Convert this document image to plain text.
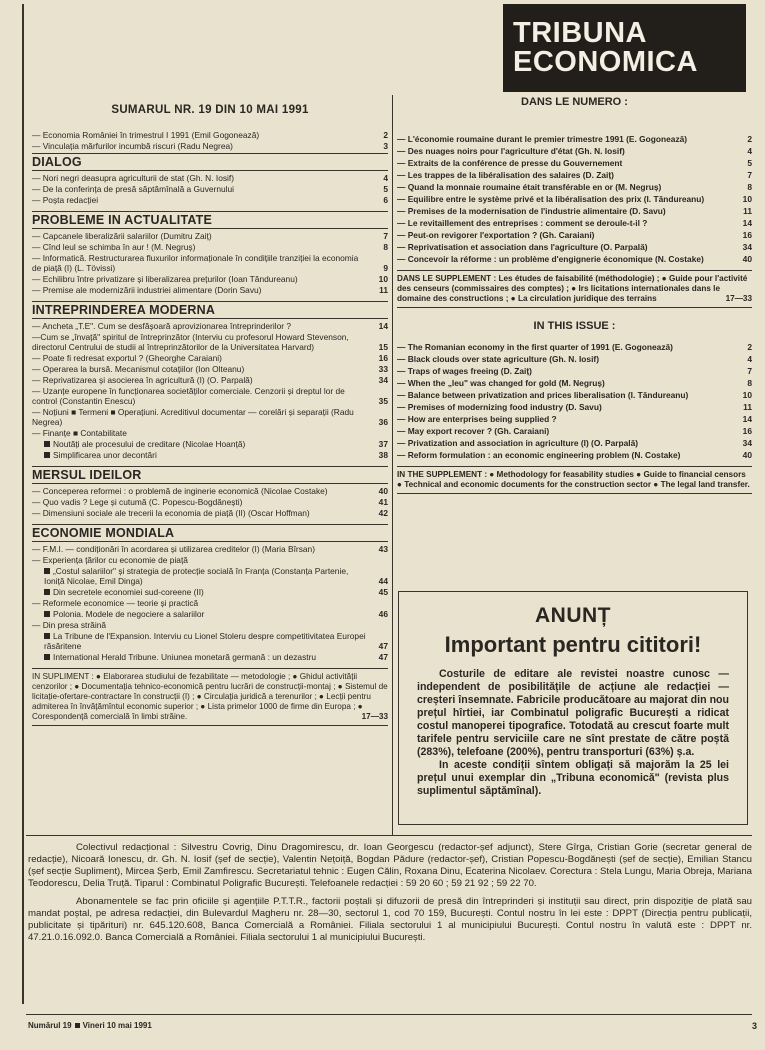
TRIBUNA
ECONOMICA
SUMARUL NR. 19 DIN 10 MAI 1991
— Economia României în trimestrul I 1991 (Emil Gogonează)	2
— Vinculația mărfurilor incumbă riscuri (Radu Negrea)	3
DIALOG
— Nori negri deasupra agriculturii de stat (Gh. N. Iosif)	4
— De la conferința de presă săptămînală a Guvernului	5
— Poșta redacției	6
PROBLEME IN ACTUALITATE
— Capcanele liberalizării salariilor (Dumitru Zaiț)	7
— Cînd leul se schimba în aur ! (M. Negruș)	8
— Informatică. Restructurarea fluxurilor informaționale în condițiile tranziției la economia de piață (I) (L. Tövissi)	9
— Echilibru între privatizare și liberalizarea prețurilor (Ioan Tăndureanu)	10
— Premise ale modernizării industriei alimentare (Dorin Savu)	11
INTREPRINDEREA MODERNA
— Ancheta „T.E". Cum se desfășoară aprovizionarea întreprinderilor ?	14
—Cum se „învață" spiritul de întreprinzător (Interviu cu profesorul Howard Stevenson, directorul Centrului de studii al întreprinzătorilor de la Universitatea Harvard)	15
— Poate fi redresat exportul ? (Gheorghe Caraiani)	16
— Operarea la bursă. Mecanismul cotațiilor (Ion Olteanu)	33
— Reprivatizarea și asocierea în agricultură (I) (O. Parpală)	34
— Uzanțe europene în funcționarea societăților comerciale. Cenzorii și dreptul lor de control (Constantin Enescu)	35
— Noțiuni ■ Termeni ■ Operațiuni. Acreditivul documentar — corelări și separații (Radu Negrea)	36
— Finanțe ■ Contabilitate
Noutăți ale procesului de creditare (Nicolae Hoanță)	37
Simplificarea unor decontări	38
MERSUL IDEILOR
— Conceperea reformei : o problemă de inginerie economică (Nicolae Costake)	40
— Quo vadis ? Lege și cutumă (C. Popescu-Bogdănești)	41
— Dimensiuni sociale ale trecerii la economia de piață (II) (Oscar Hoffman)	42
ECONOMIE MONDIALA
— F.M.I. — condiționări în acordarea și utilizarea creditelor (I) (Maria Bîrsan)	43
— Experiența țărilor cu economie de piață
„Costul salariilor" și strategia de protecție socială în Franța (Constanța Partenie, Ioniță Nicolae, Emil Dinga)	44
Din secretele economiei sud-coreene (II)	45
— Reformele economice — teorie și practică
Polonia. Modele de negociere a salariilor	46
— Din presa străină
La Tribune de l'Expansion. Interviu cu Lionel Stoleru despre competitivitatea Europei răsăritene	47
International Herald Tribune. Uniunea monetară germană : un dezastru	47
IN SUPLIMENT : ● Elaborarea studiului de fezabilitate — metodologie ; ● Ghidul activității cenzorilor ; ● Documentația tehnico-economică pentru lucrări de construcții-montaj ; ● Sistemul de licitație-ofertare-contractare în construcții (I) ; ● Circulația juridică a terenurilor ; ● Lecții pentru admiterea în învățămîntul economic superior ; ● Lista primelor 1000 de firme din Europa ; ● Corespondență comercială în limbi străine.	17—33
DANS LE NUMERO :
— L'économie roumaine durant le premier trimestre 1991 (E. Gogonează)	2
— Des nuages noirs pour l'agriculture d'état (Gh. N. Iosif)	4
— Extraits de la conférence de presse du Gouvernement	5
— Les trappes de la libéralisation des salaires (D. Zaiț)	7
— Quand la monnaie roumaine était transférable en or (M. Negruș)	8
— Equilibre entre le système privé et la libéralisation des prix (I. Tăndureanu)	10
— Premises de la modernisation de l'industrie alimentaire (D. Savu)	11
— Le revitaillement des entreprises : comment se deroule-t-il ?	14
— Peut-on revigorer l'exportation ? (Gh. Caraiani)	16
— Reprivatisation et association dans l'agriculture (O. Parpală)	34
— Concevoir la réforme : un problème d'engignerie économique (N. Costake)	40
DANS LE SUPPLEMENT : Les études de faisabilité (méthodologie) ; ● Guide pour l'activité des censeurs (commissaires des comptes) ; ● Irs licitations internationales dans le domaine des constructions ; ● La circulation juridique des terrains	17—33
IN THIS ISSUE :
— The Romanian economy in the first quarter of 1991 (E. Gogonează)	2
— Black clouds over state agriculture (Gh. N. Iosif)	4
— Traps of wages freeing (D. Zaiț)	7
— When the „leu" was changed for gold (M. Negruș)	8
— Balance between privatization and prices liberalisation (I. Tăndureanu)	10
— Premises of modernizing food industry (D. Savu)	11
— How are enterprises being supplied ?	14
— May export recover ? (Gh. Caraiani)	16
— Privatization and association in agriculture (I) (O. Parpală)	34
— Reform formulation : an economic engineering problem (N. Costake)	40
IN THE SUPPLEMENT : ● Methodology for feasability studies ● Guide to financial censors ● Technical and economic documents for the construction sector ● The legal land transfer.
ANUNȚ
Important pentru cititori!

Costurile de editare ale revistei noastre cunosc — independent de posibilitățile de acțiune ale redacției — creșteri însemnate. Fabricile producătoare au majorat din nou prețul hîrtiei, iar Combinatul poligrafic București a ridicat costul manoperei tipografice. Totodată au crescut foarte mult tarifele pentru serviciile care ne sînt prestate de către poștă (283%), telefoane (200%), pentru transporturi (63%) ș.a.

In aceste condiții sîntem obligați să majorăm la 25 lei prețul unui exemplar din „Tribuna economică" (revista plus suplimentul săptămînal).

Colectivul redacțional : Silvestru Covrig, Dinu Dragomirescu, dr. Ioan Georgescu (redactor-șef adjunct), Stere Gîrga, Cristian Gorie (secretar general de redacție), Nicoară Ionescu, dr. Gh. N. Iosif (șef de secție), Valentin Nețoiță, Bogdan Pădure (redactor-șef), Cristian Popescu-Bogdănești (șef de secție), Emilian Stancu (șef secție Supliment), Mircea Șerb, Emil Zamfirescu. Secretariatul tehnic : Eugen Călin, Roxana Dinu, Ecaterina Nicolaev. Corectura : Stela Lungu, Maria Obreja, Mariana Teodorescu, Delia Truță. Tiparul : Combinatul Poligrafic București. Telefoanele redacției : 59 20 60 ; 59 21 92 ; 59 22 70.

Abonamentele se fac prin oficiile și agențiile P.T.T.R., factorii poștali și difuzorii de presă din întreprinderi și instituții sau direct, prin dispoziție de plată sau mandat poștal, pe adresa redacției, din Bulevardul Magheru nr. 28—30, sectorul 1, cod 70 159, București. Contul nostru în lei este : DPPT (Direcția pentru publicații, publicitate și tipărituri) nr. 645.120.608, Banca Comercială a României. Filiala sectorului 1 al municipiului București. Contul nostru în valută este : DPPT nr. 47.21.0.16.092.0. Banca Comercială a României. Filiala sectorului 1 al municipiului București.

Numărul 19 Vineri 10 mai 1991	3
